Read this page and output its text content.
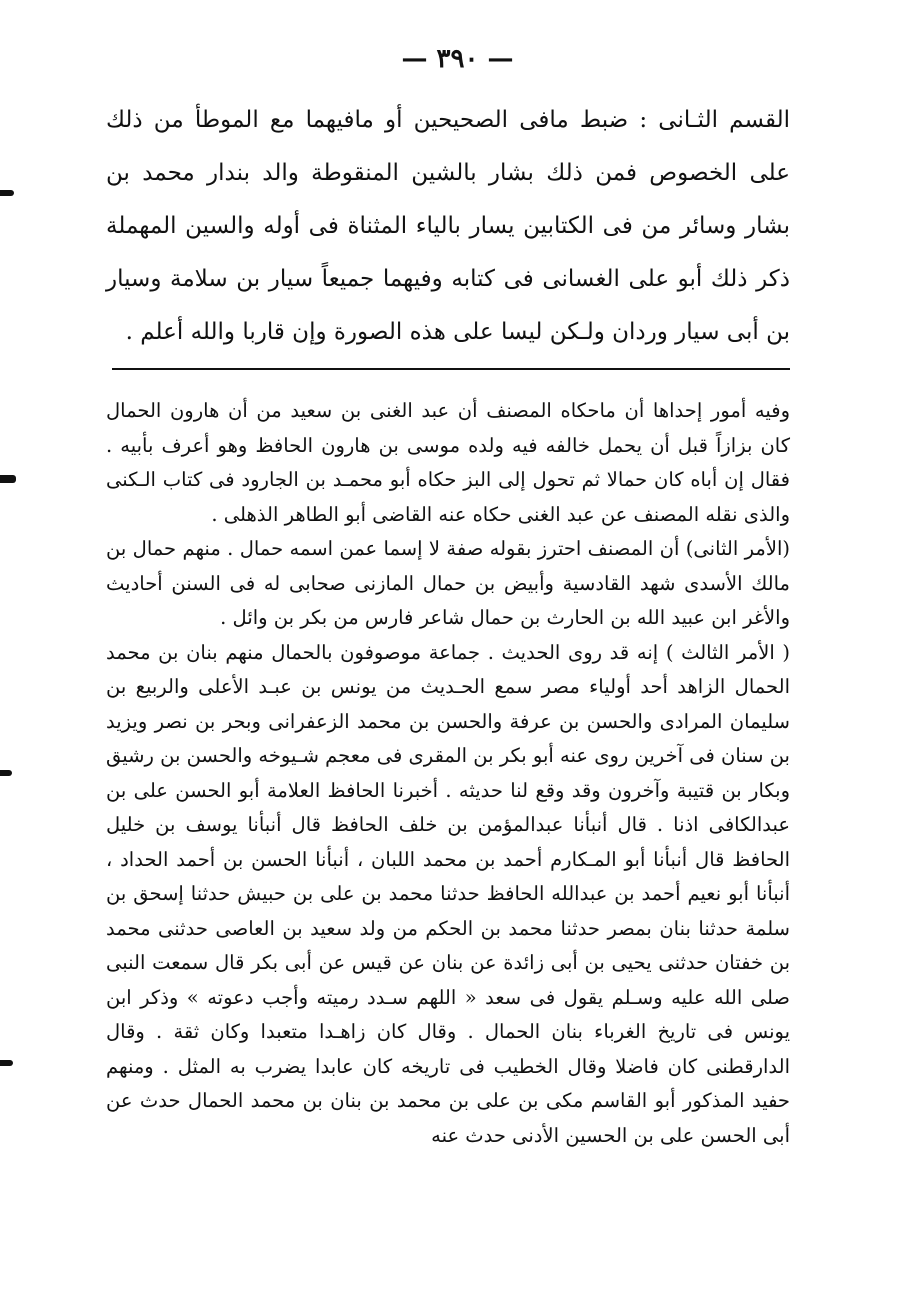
— ٣٩٠ —

القسم الثـانى : ضبط مافى الصحيحين أو مافيهما مع الموطأ من ذلك على الخصوص فمن ذلك بشار بالشين المنقوطة والد بندار محمد بن بشار وسائر من فى الكتابين يسار بالياء المثناة فى أوله والسين المهملة ذكر ذلك أبو على الغسانى فى كتابه وفيهما جميعاً سيار بن سلامة وسيار بن أبى سيار وردان ولـكن ليسا على هذه الصورة وإن قاربا والله أعلم .

وفيه أمور إحداها أن ماحكاه المصنف أن عبد الغنى بن سعيد من أن هارون الحمال كان بزازاً قبل أن يحمل خالفه فيه ولده موسى بن هارون الحافظ وهو أعرف بأبيه . فقال إن أباه كان حمالا ثم تحول إلى البز حكاه أبو محمـد بن الجارود فى كتاب الـكنى والذى نقله المصنف عن عبد الغنى حكاه عنه القاضى أبو الطاهر الذهلى .

(الأمر الثانى) أن المصنف احترز بقوله صفة لا إسما عمن اسمه حمال . منهم حمال بن مالك الأسدى شهد القادسية وأبيض بن حمال المازنى صحابى له فى السنن أحاديث والأغر ابن عبيد الله بن الحارث بن حمال شاعر فارس من بكر بن وائل .

( الأمر الثالث ) إنه قد روى الحديث . جماعة موصوفون بالحمال منهم بنان بن محمد الحمال الزاهد أحد أولياء مصر سمع الحـديث من يونس بن عبـد الأعلى والربيع بن سليمان المرادى والحسن بن عرفة والحسن بن محمد الزعفرانى وبحر بن نصر ويزيد بن سنان فى آخرين روى عنه أبو بكر بن المقرى فى معجم شـيوخه والحسن بن رشيق وبكار بن قتيبة وآخرون وقد وقع لنا حديثه . أخبرنا الحافظ العلامة أبو الحسن على بن عبدالكافى اذنا . قال أنبأنا عبدالمؤمن بن خلف الحافظ قال أنبأنا يوسف بن خليل الحافظ قال أنبأنا أبو المـكارم أحمد بن محمد اللبان ، أنبأنا الحسن بن أحمد الحداد ، أنبأنا أبو نعيم أحمد بن عبدالله الحافظ حدثنا محمد بن على بن حبيش حدثنا إسحق بن سلمة حدثنا بنان بمصر حدثنا محمد بن الحكم من ولد سعيد بن العاصى حدثنى محمد بن خفتان حدثنى يحيى بن أبى زائدة عن بنان عن قيس عن أبى بكر قال سمعت النبى صلى الله عليه وسـلم يقول فى سعد « اللهم سـدد رميته وأجب دعوته » وذكر ابن يونس فى تاريخ الغرباء بنان الحمال . وقال كان زاهـدا متعبدا وكان ثقة . وقال الدارقطنى كان فاضلا وقال الخطيب فى تاريخه كان عابدا يضرب به المثل . ومنهم حفيد المذكور أبو القاسم مكى بن على بن محمد بن بنان بن محمد الحمال حدث عن أبى الحسن على بن الحسين الأدنى حدث عنه
